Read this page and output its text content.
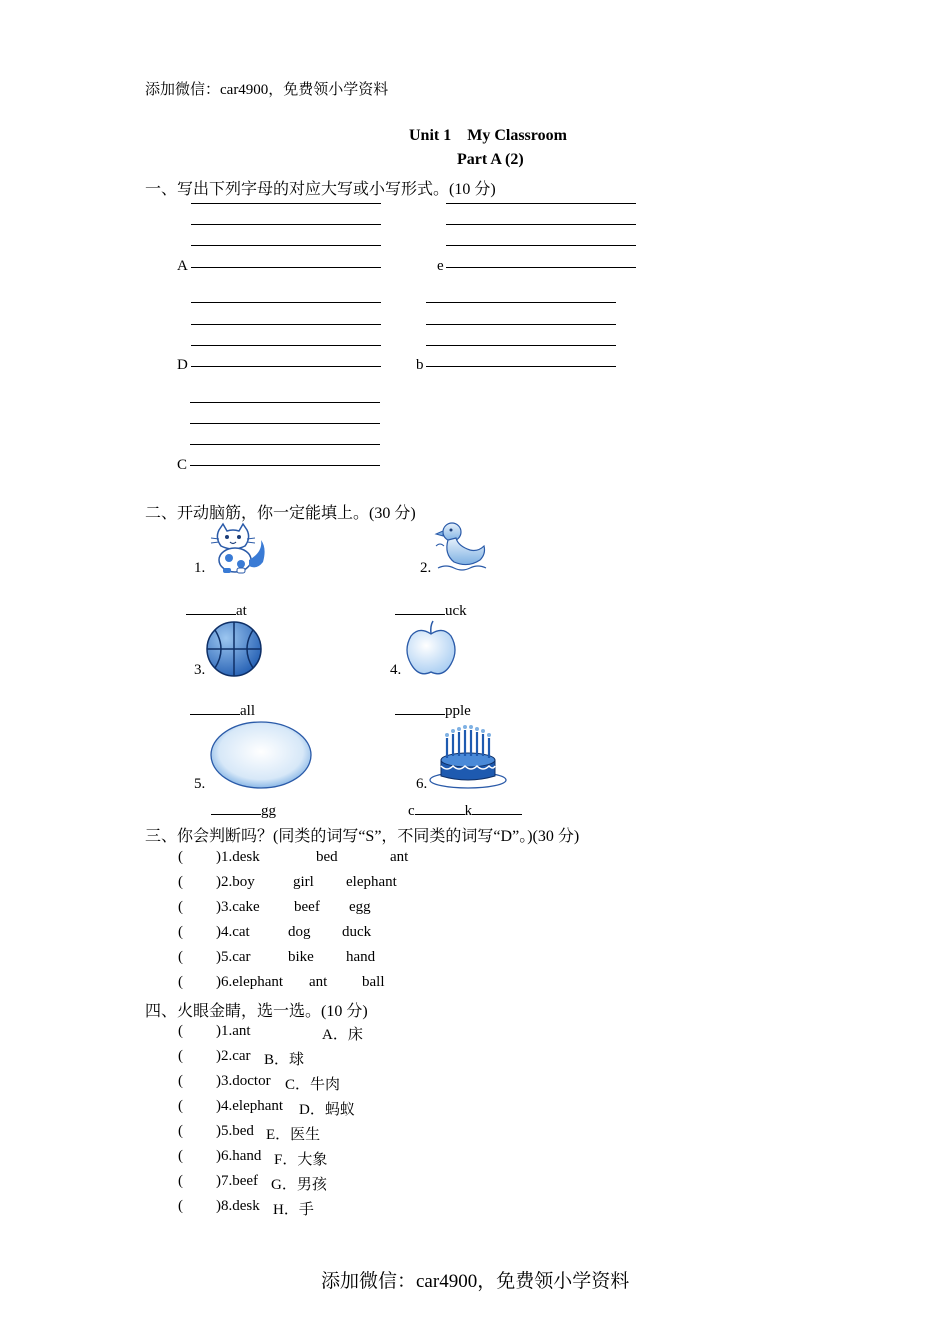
添加微信：car4900，免费领小学资料
Unit 1    My Classroom
Part A (2)
一、写出下列字母的对应大写或小写形式。(10 分)
A	e
D	b
C
二、开动脑筋，你一定能填上。(30 分)
1.
at
2.
uck
3.
all
4.
pple
5.
gg
6.
c	k
三、你会判断吗？(同类的词写“S”，不同类的词写“D”。)(30 分)
( )1.desk	bed	ant
( )2.boy	girl elephant
( )3.cake beef egg
( )4.cat	dog duck
( )5.car bike hand
( )6.elephant ant ball
四、火眼金睛，选一选。(10 分)
( )1.ant	A．床
( )2.car B．球
( )3.doctor C．牛肉
( )4.elephant D．蚂蚁
( )5.bed E．医生
( )6.hand F．大象
( )7.beef G．男孩
( )8.desk H．手
添加微信：car4900，免费领小学资料
